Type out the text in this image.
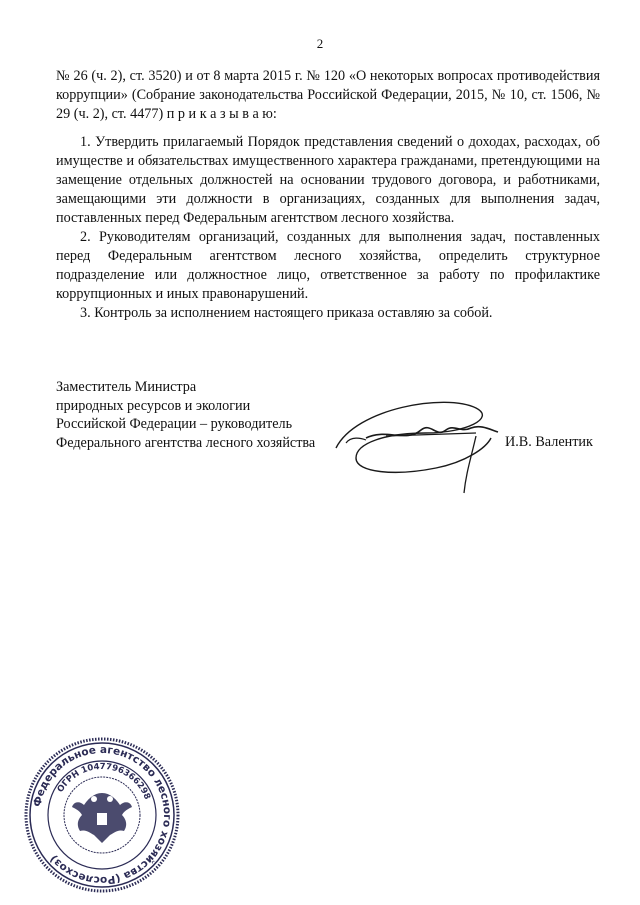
2

№ 26 (ч. 2), ст. 3520) и от 8 марта 2015 г. № 120 «О некоторых вопросах противодействия коррупции» (Собрание законодательства Российской Федерации, 2015, № 10, ст. 1506, № 29 (ч. 2), ст. 4477) п р и к а з ы в а ю:

1. Утвердить прилагаемый Порядок представления сведений о доходах, расходах, об имуществе и обязательствах имущественного характера гражданами, претендующими на замещение отдельных должностей на основании трудового договора, и работниками, замещающими эти должности в организациях, созданных для выполнения задач, поставленных перед Федеральным агентством лесного хозяйства.

2. Руководителям организаций, созданных для выполнения задач, поставленных перед Федеральным агентством лесного хозяйства, определить структурное подразделение или должностное лицо, ответственное за работу по профилактике коррупционных и иных правонарушений.

3. Контроль за исполнением настоящего приказа оставляю за собой.

Заместитель Министра
природных ресурсов и экологии
Российской Федерации – руководитель
Федерального агентства лесного хозяйства	И.В. Валентик
Федеральное агентство лесного хозяйства (Рослесхоз)
ОГРН 1047796366298
